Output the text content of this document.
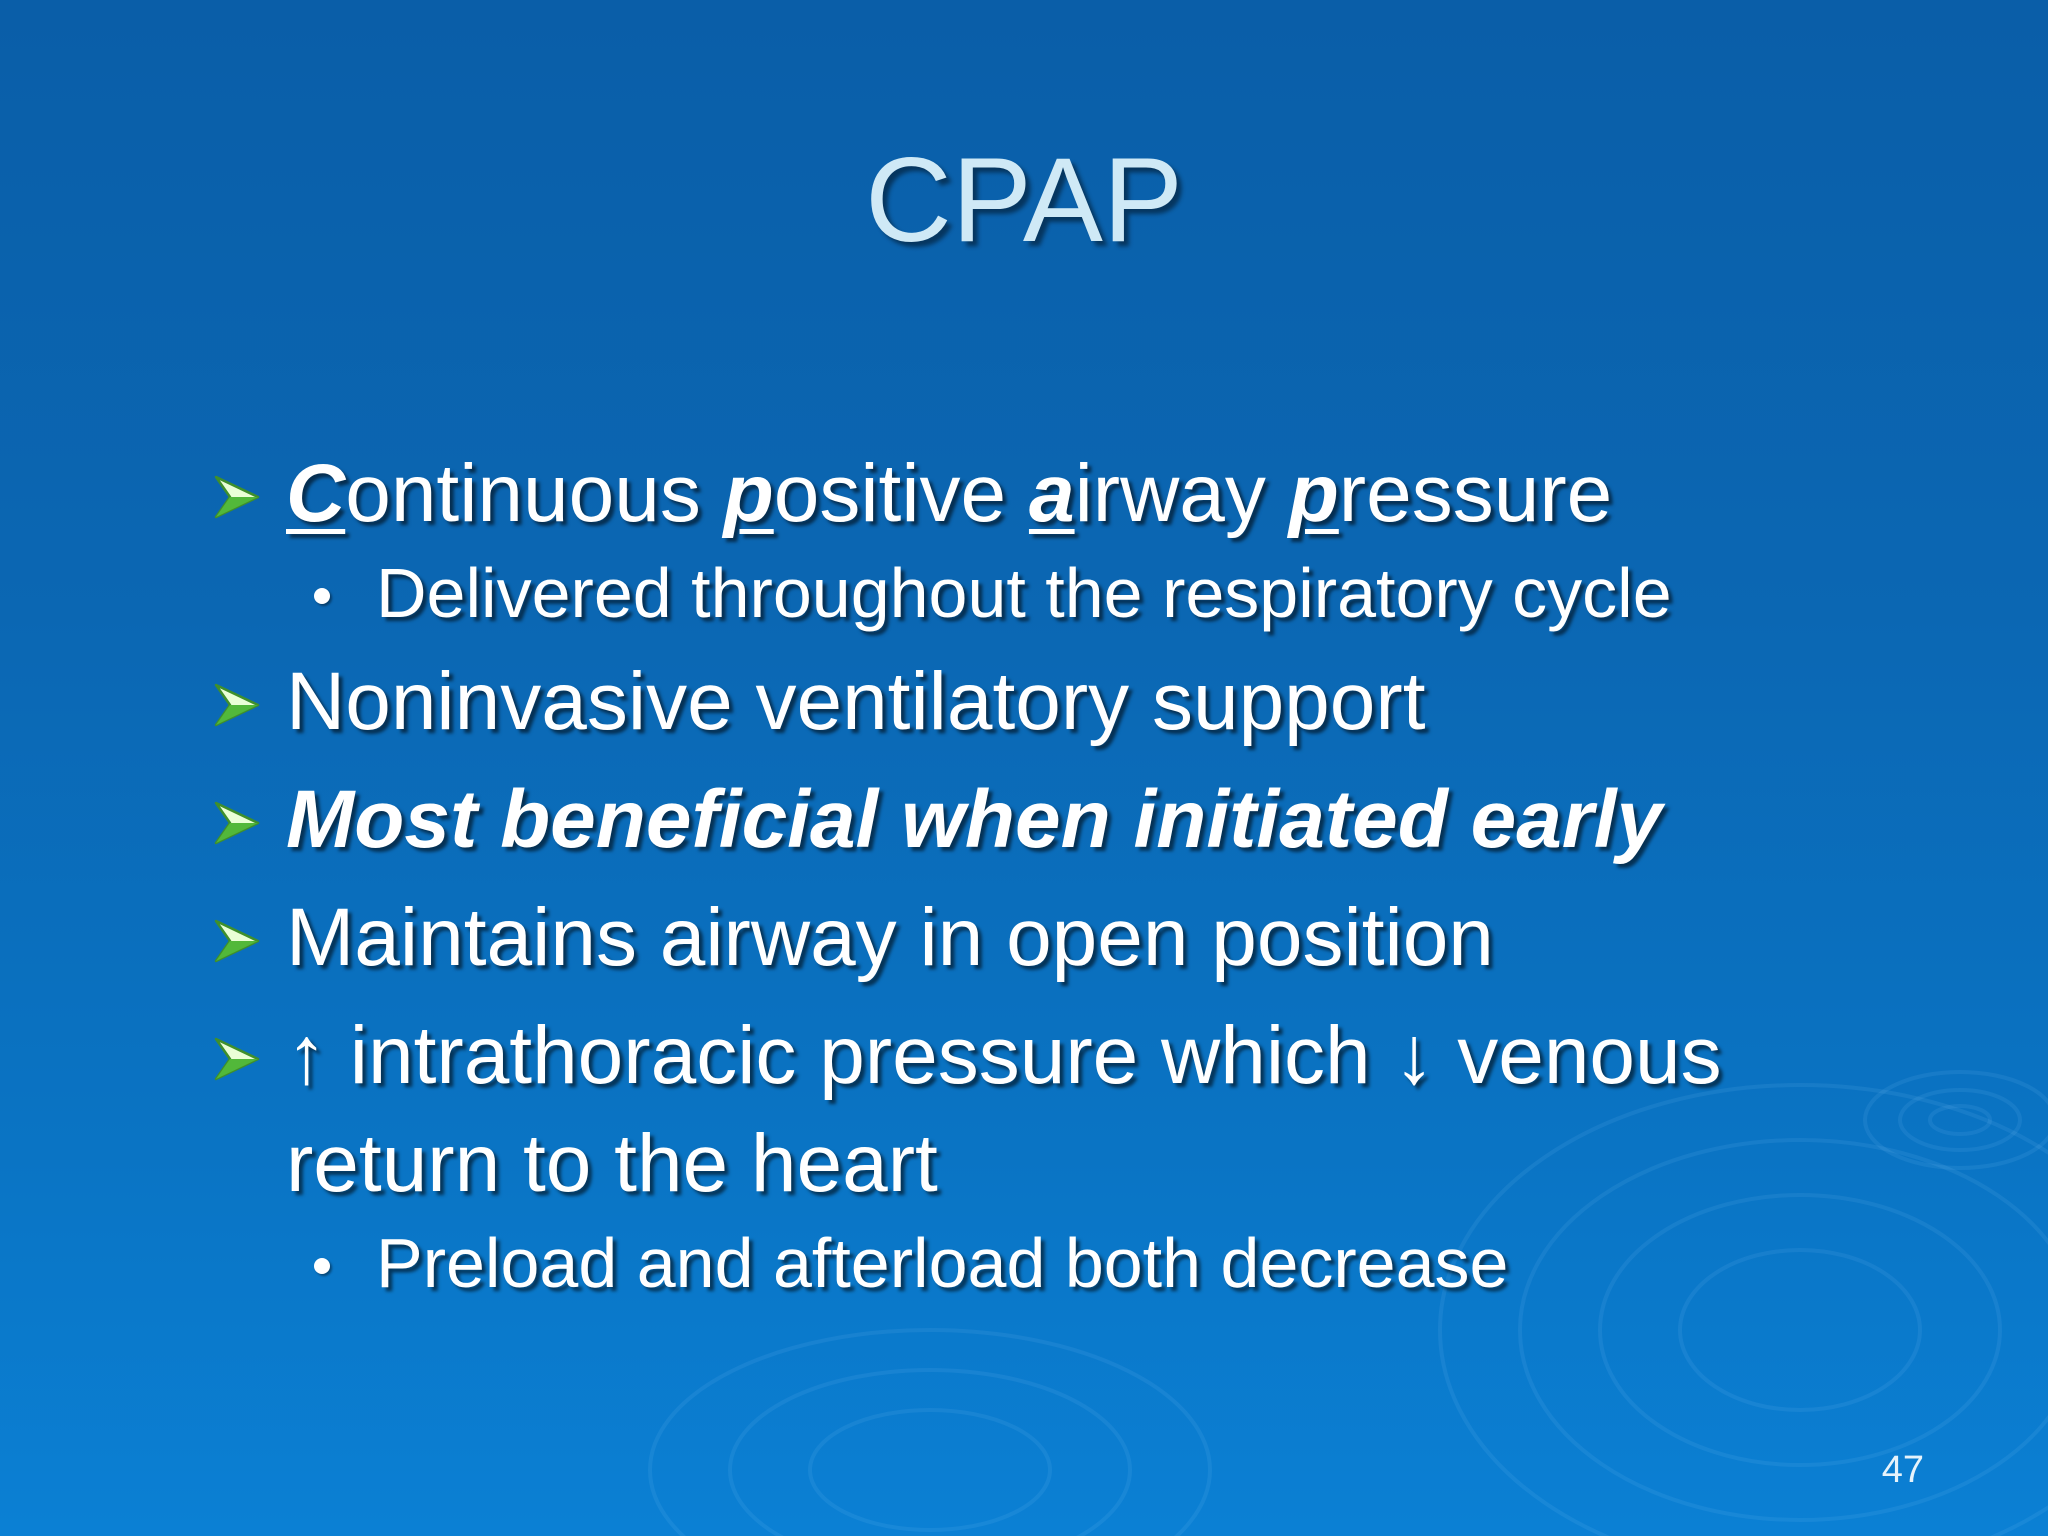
CPAP
Continuous positive airway pressure
Delivered throughout the respiratory cycle
Noninvasive ventilatory support
Most beneficial when initiated early
Maintains airway in open position
↑ intrathoracic pressure which ↓ venous
return to the heart
Preload and afterload both decrease
47
